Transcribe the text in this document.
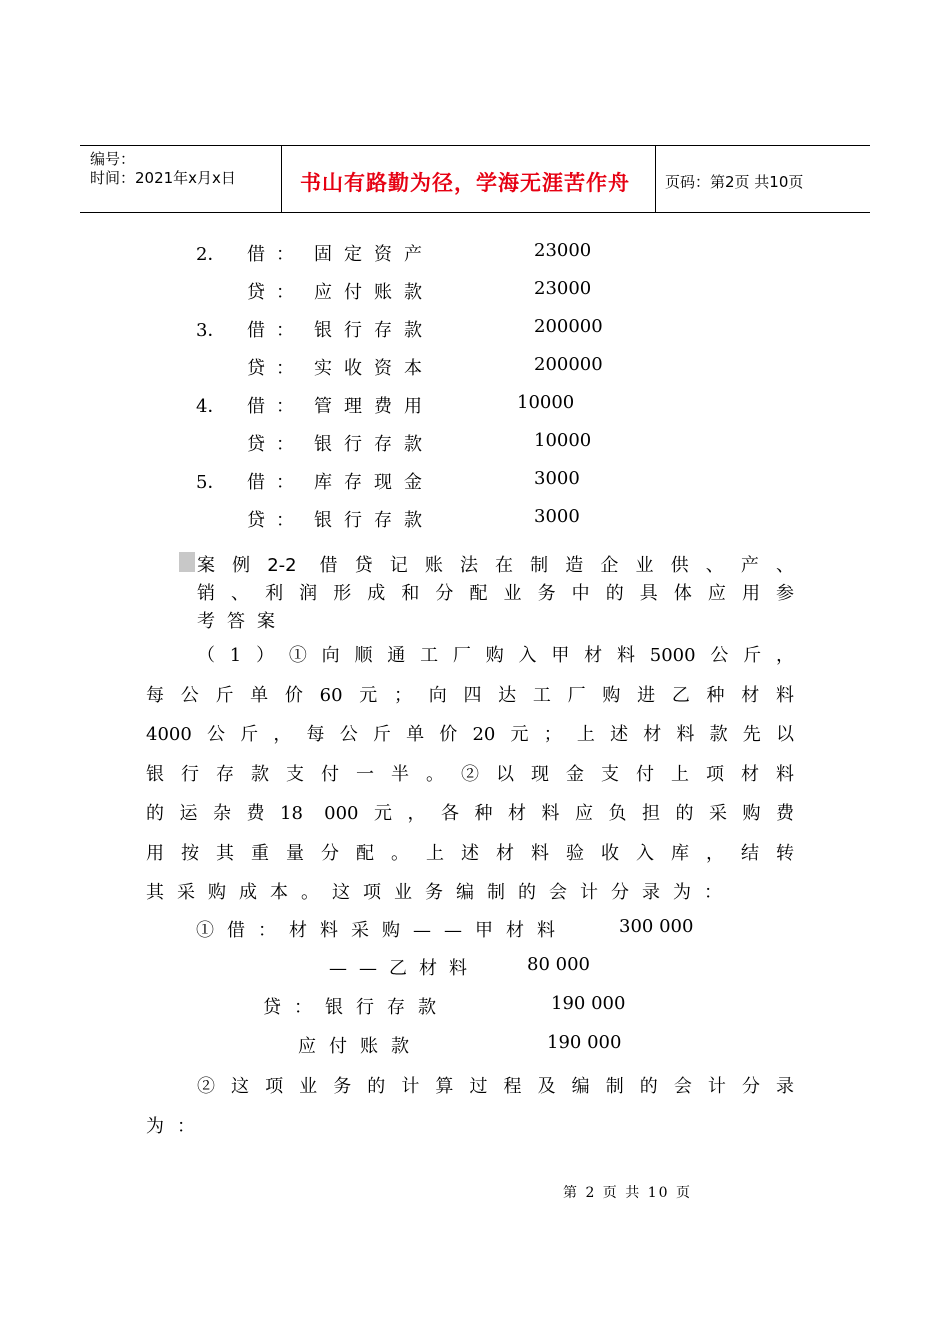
编号：
时间：2021年x月x日	书山有路勤为径，学海无涯苦作舟 页码：第2页 共10页
2． 借 ： 固定资产	23000
贷 ： 应付账款	23000
3． 借 ： 银行存款	200000
贷 ： 实收资本	200000
4． 借 ： 管理费用	10000
贷 ： 银行存款	10000
5． 借 ： 库存现金	3000
贷 ： 银行存款	3000
案例2-2 借贷记账法在制造企业供、产、
销、利润形成和分配业务中的具体应用参
考答案
（1）①向顺通工厂购入甲材料5000公斤，
每公斤单价60元；向四达工厂购进乙种材料
4000公斤，每公斤单价20元；上述材料款先以
银行存款支付一半。②以现金支付上项材料
的运杂费18 000元，各种材料应负担的采购费
用按其重量分配。上述材料验收入库，结转
其采购成本。这项业务编制的会计分录为：
①借：材料采购——甲材料	300 000
——乙材料	80 000
贷：银行存款	190 000
应付账款	190 000
②这项业务的计算过程及编制的会计分录
为：
第 2 页 共 10 页
